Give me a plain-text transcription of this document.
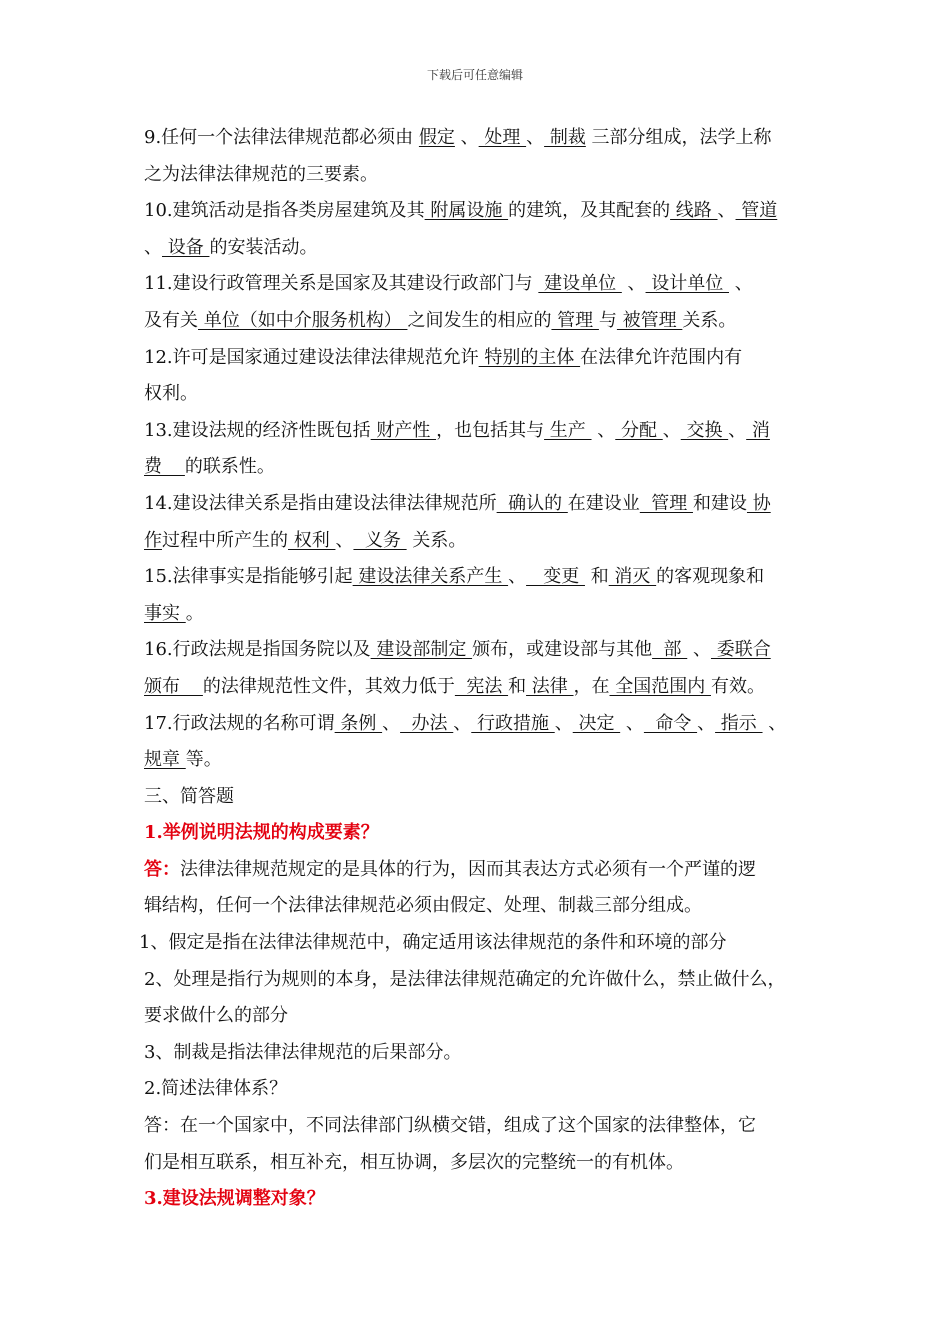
下载后可任意编辑
9.任何一个法律法律规范都必须由 假定 、 处理 、 制裁 三部分组成，法学上称
之为法律法律规范的三要素。
10.建筑活动是指各类房屋建筑及其 附属设施 的建筑，及其配套的 线路 、 管道
、 设备 的安装活动。
11.建设行政管理关系是国家及其建设行政部门与  建设单位  、 设计单位  、
及有关 单位（如中介服务机构） 之间发生的相应的 管理 与 被管理 关系。
12.许可是国家通过建设法律法律规范允许 特别的主体 在法律允许范围内有
权利。
13.建设法规的经济性既包括 财产性 ，也包括其与 生产  、 分配 、 交换 、 消
费    的联系性。
14.建设法律关系是指由建设法律法律规范所  确认的 在建设业  管理 和建设 协
作过程中所产生的 权利 、  义务  关系。
15.法律事实是指能够引起 建设法律关系产生 、   变更  和 消灭 的客观现象和
事实 。
16.行政法规是指国务院以及 建设部制定 颁布，或建设部与其他  部  、 委联合
颁布    的法律规范性文件，其效力低于  宪法 和 法律 ，在 全国范围内 有效。
17.行政法规的名称可谓 条例 、  办法 、 行政措施 、 决定  、  命令 、 指示  、
规章 等。
三、简答题
1.举例说明法规的构成要素？
答：法律法律规范规定的是具体的行为，因而其表达方式必须有一个严谨的逻
辑结构，任何一个法律法律规范必须由假定、处理、制裁三部分组成。
1、假定是指在法律法律规范中，确定适用该法律规范的条件和环境的部分
2、处理是指行为规则的本身，是法律法律规范确定的允许做什么，禁止做什么，
要求做什么的部分
3、制裁是指法律法律规范的后果部分。
2.简述法律体系？
答：在一个国家中，不同法律部门纵横交错，组成了这个国家的法律整体，它
们是相互联系，相互补充，相互协调，多层次的完整统一的有机体。
3.建设法规调整对象？
